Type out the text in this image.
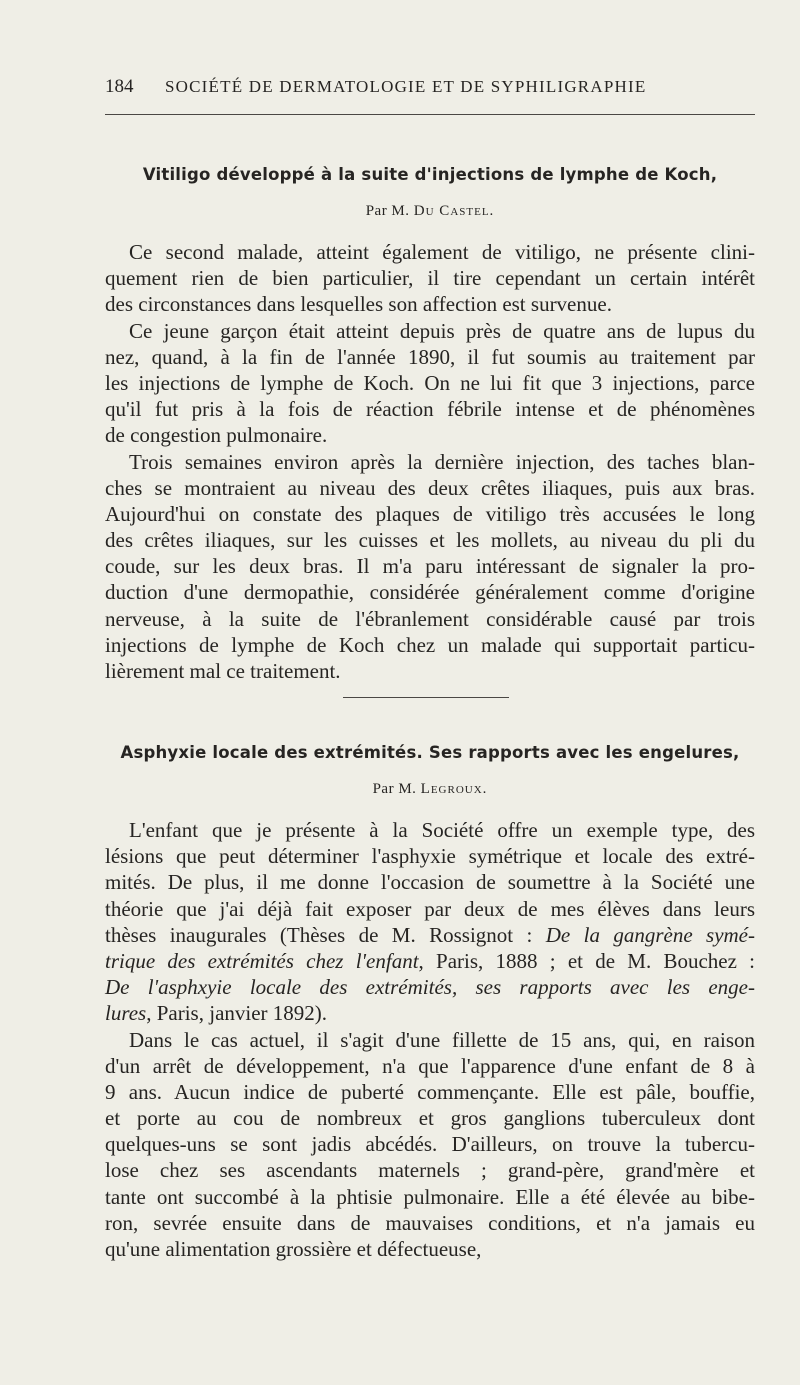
184 SOCIÉTÉ DE DERMATOLOGIE ET DE SYPHILIGRAPHIE
Vitiligo développé à la suite d'injections de lymphe de Koch,
Par M. Du Castel.
Ce second malade, atteint également de vitiligo, ne présente clini-
quement rien de bien particulier, il tire cependant un certain intérêt
des circonstances dans lesquelles son affection est survenue.
Ce jeune garçon était atteint depuis près de quatre ans de lupus du
nez, quand, à la fin de l'année 1890, il fut soumis au traitement par
les injections de lymphe de Koch. On ne lui fit que 3 injections, parce
qu'il fut pris à la fois de réaction fébrile intense et de phénomènes
de congestion pulmonaire.
Trois semaines environ après la dernière injection, des taches blan-
ches se montraient au niveau des deux crêtes iliaques, puis aux bras.
Aujourd'hui on constate des plaques de vitiligo très accusées le long
des crêtes iliaques, sur les cuisses et les mollets, au niveau du pli du
coude, sur les deux bras. Il m'a paru intéressant de signaler la pro-
duction d'une dermopathie, considérée généralement comme d'origine
nerveuse, à la suite de l'ébranlement considérable causé par trois
injections de lymphe de Koch chez un malade qui supportait particu-
lièrement mal ce traitement.
Asphyxie locale des extrémités. Ses rapports avec les engelures,
Par M. Legroux.
L'enfant que je présente à la Société offre un exemple type, des
lésions que peut déterminer l'asphyxie symétrique et locale des extré-
mités. De plus, il me donne l'occasion de soumettre à la Société une
théorie que j'ai déjà fait exposer par deux de mes élèves dans leurs
thèses inaugurales (Thèses de M. Rossignot : De la gangrène symé-
trique des extrémités chez l'enfant, Paris, 1888 ; et de M. Bouchez :
De l'asphxyie locale des extrémités, ses rapports avec les enge-
lures, Paris, janvier 1892).
Dans le cas actuel, il s'agit d'une fillette de 15 ans, qui, en raison
d'un arrêt de développement, n'a que l'apparence d'une enfant de 8 à
9 ans. Aucun indice de puberté commençante. Elle est pâle, bouffie,
et porte au cou de nombreux et gros ganglions tuberculeux dont
quelques-uns se sont jadis abcédés. D'ailleurs, on trouve la tubercu-
lose chez ses ascendants maternels ; grand-père, grand'mère et
tante ont succombé à la phtisie pulmonaire. Elle a été élevée au bibe-
ron, sevrée ensuite dans de mauvaises conditions, et n'a jamais eu
qu'une alimentation grossière et défectueuse,
